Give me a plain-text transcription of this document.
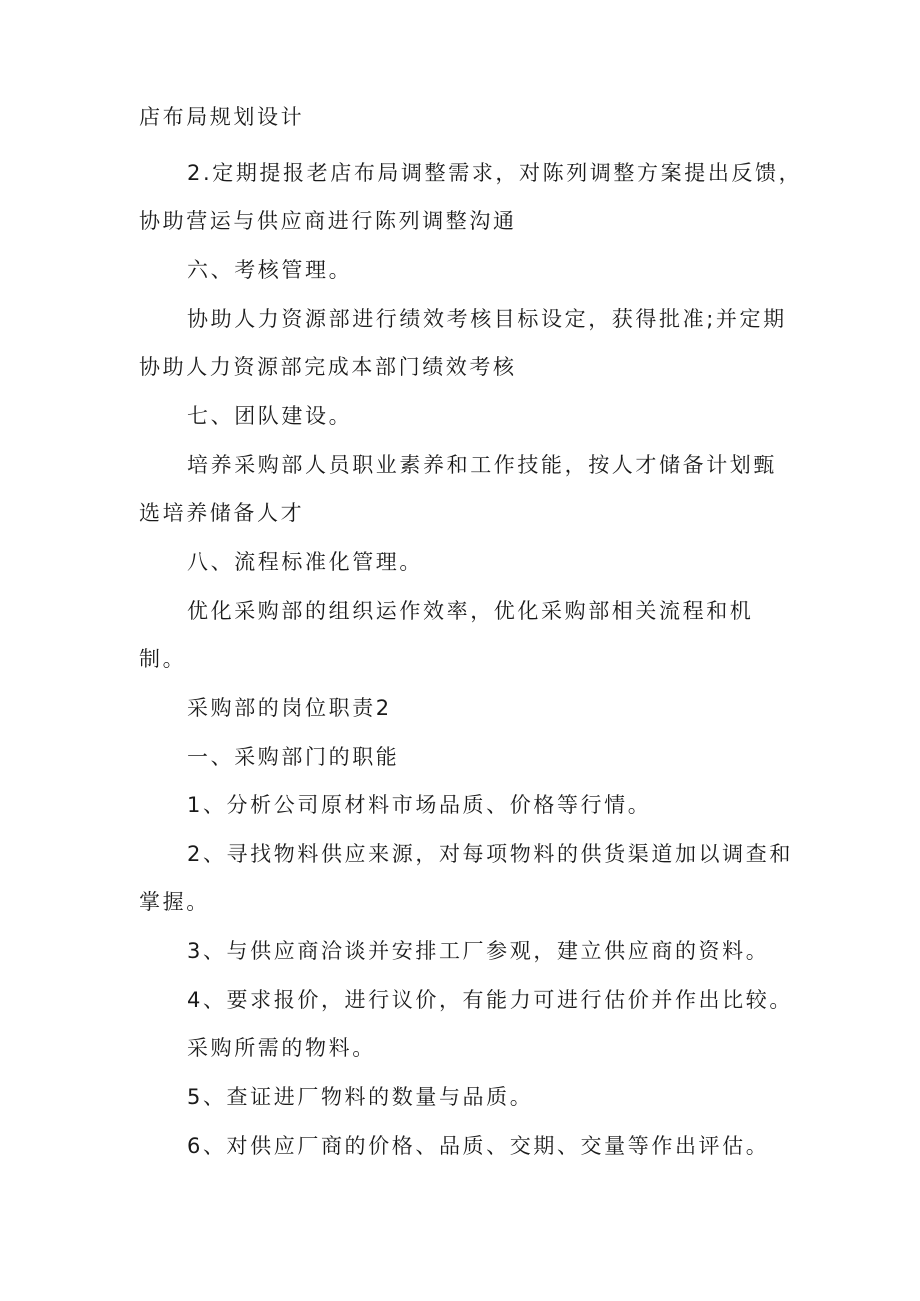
店布局规划设计
2.定期提报老店布局调整需求，对陈列调整方案提出反馈，
协助营运与供应商进行陈列调整沟通
六、考核管理。
协助人力资源部进行绩效考核目标设定，获得批准;并定期
协助人力资源部完成本部门绩效考核
七、团队建设。
培养采购部人员职业素养和工作技能，按人才储备计划甄
选培养储备人才
八、流程标准化管理。
优化采购部的组织运作效率，优化采购部相关流程和机
制。
采购部的岗位职责2
一、采购部门的职能
1、分析公司原材料市场品质、价格等行情。
2、寻找物料供应来源，对每项物料的供货渠道加以调查和
掌握。
3、与供应商洽谈并安排工厂参观，建立供应商的资料。
4、要求报价，进行议价，有能力可进行估价并作出比较。
采购所需的物料。
5、查证进厂物料的数量与品质。
6、对供应厂商的价格、品质、交期、交量等作出评估。
